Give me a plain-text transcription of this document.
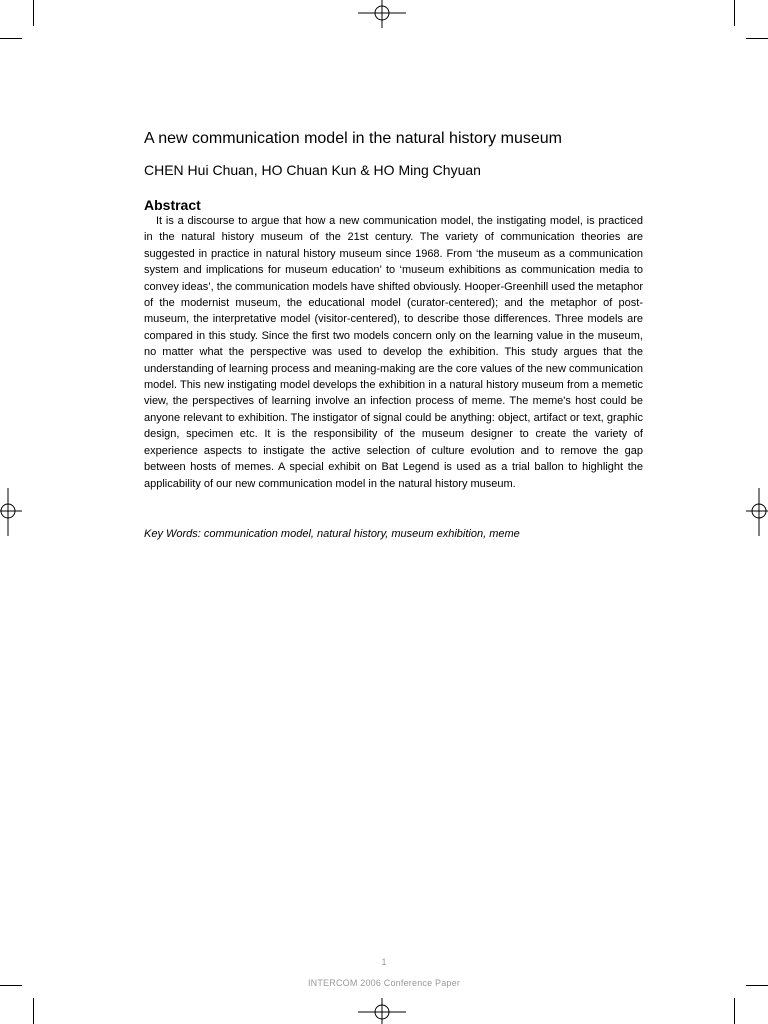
A new communication model in the natural history museum

CHEN Hui Chuan, HO Chuan Kun & HO Ming Chyuan

Abstract

It is a discourse to argue that how a new communication model, the instigating model, is practiced in the natural history museum of the 21st century. The variety of communication theories are suggested in practice in natural history museum since 1968. From ‘the museum as a communication system and implications for museum education’ to ‘museum exhibitions as communication media to convey ideas’, the communication models have shifted obviously. Hooper-Greenhill used the metaphor of the modernist museum, the educational model (curator-centered); and the metaphor of post-museum, the interpretative model (visitor-centered), to describe those differences. Three models are compared in this study. Since the first two models concern only on the learning value in the museum, no matter what the perspective was used to develop the exhibition. This study argues that the understanding of learning process and meaning-making are the core values of the new communication model. This new instigating model develops the exhibition in a natural history museum from a memetic view, the perspectives of learning involve an infection process of meme. The meme's host could be anyone relevant to exhibition. The instigator of signal could be anything: object, artifact or text, graphic design, specimen etc. It is the responsibility of the museum designer to create the variety of experience aspects to instigate the active selection of culture evolution and to remove the gap between hosts of memes. A special exhibit on Bat Legend is used as a trial ballon to highlight the applicability of our new communication model in the natural history museum.

Key Words: communication model, natural history, museum exhibition, meme

1
INTERCOM 2006 Conference Paper
